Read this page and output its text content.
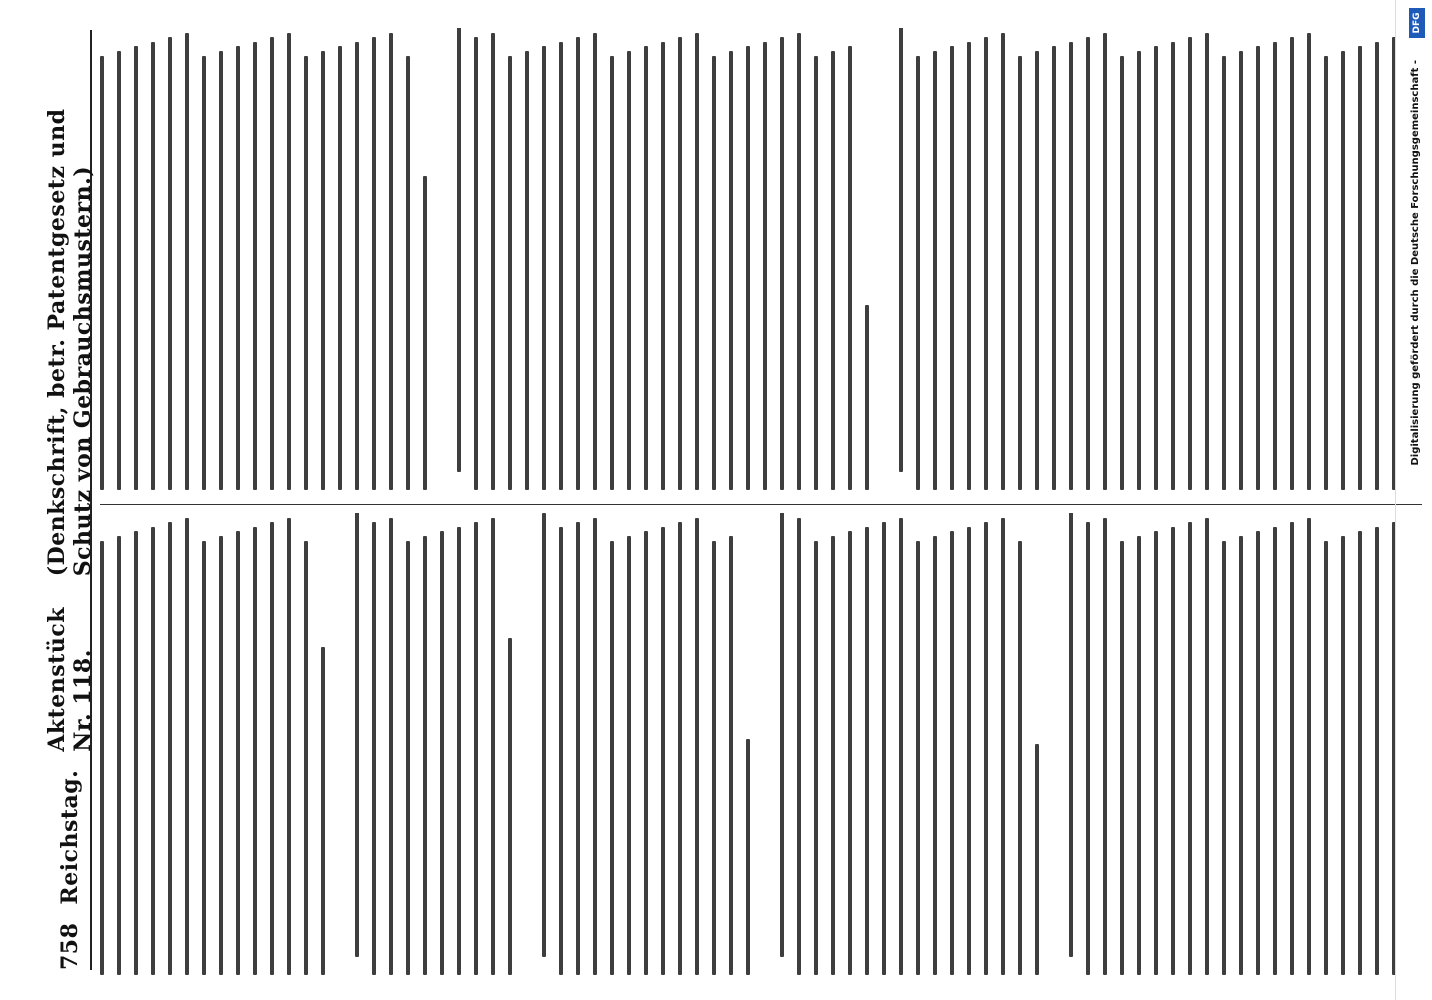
758
Reichstag.
Aktenstück Nr. 118.
(Denkschrift, betr. Patentgesetz und Schutz von Gebrauchsmustern.)	Digitalisierung gefördert durch die Deutsche Forschungsgemeinschaft -
DFG
